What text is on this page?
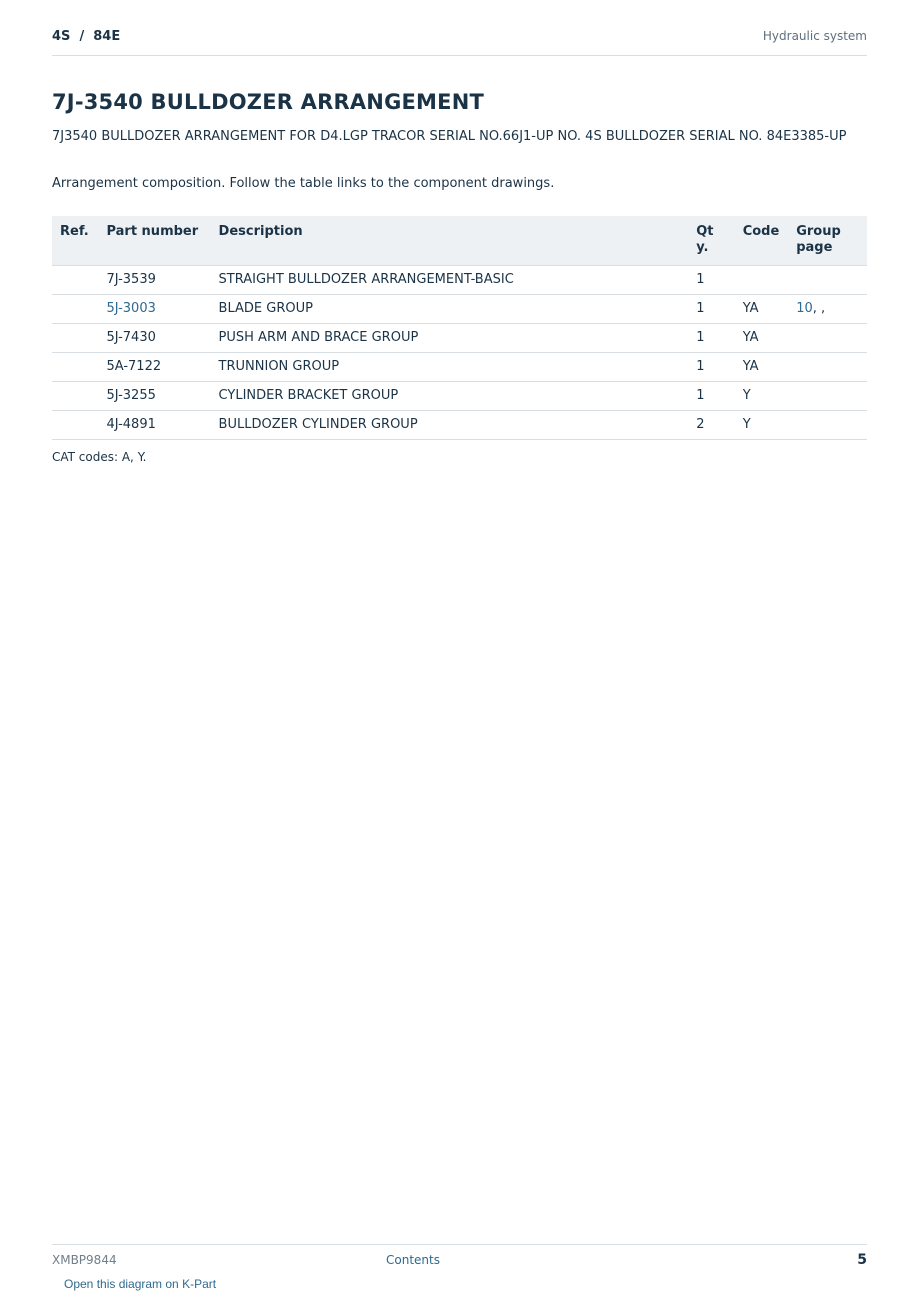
4S  /  84E	Hydraulic system
7J-3540 BULLDOZER ARRANGEMENT
7J3540 BULLDOZER ARRANGEMENT FOR D4.LGP TRACOR SERIAL NO.66J1-UP NO. 4S BULLDOZER SERIAL NO. 84E3385-UP
Arrangement composition. Follow the table links to the component drawings.
Ref.	Part number	Description	Qty.	Code	Group page
	7J-3539	STRAIGHT BULLDOZER ARRANGEMENT-BASIC	1		
	5J-3003	BLADE GROUP	1	YA	10, ,
	5J-7430	PUSH ARM AND BRACE GROUP	1	YA	
	5A-7122	TRUNNION GROUP	1	YA	
	5J-3255	CYLINDER BRACKET GROUP	1	Y	
	4J-4891	BULLDOZER CYLINDER GROUP	2	Y	
CAT codes: A, Y.
XMBP9844	Contents	5
Open this diagram on K-Part
